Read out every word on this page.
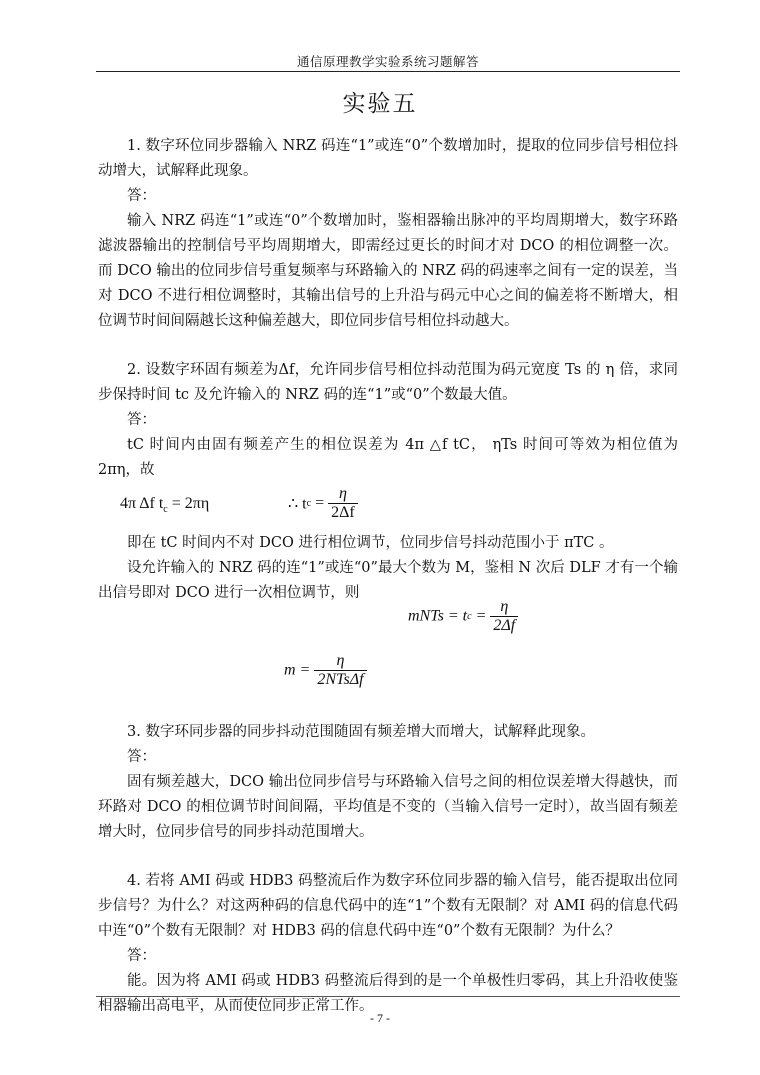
通信原理教学实验系统习题解答
实验五

1. 数字环位同步器输入 NRZ 码连“1”或连“0”个数增加时，提取的位同步信号相位抖动增大，试解释此现象。

答：

输入 NRZ 码连“1”或连“0”个数增加时，鉴相器输出脉冲的平均周期增大，数字环路滤波器输出的控制信号平均周期增大，即需经过更长的时间才对 DCO 的相位调整一次。而 DCO 输出的位同步信号重复频率与环路输入的 NRZ 码的码速率之间有一定的误差，当对 DCO 不进行相位调整时，其输出信号的上升沿与码元中心之间的偏差将不断增大，相位调节时间间隔越长这种偏差越大，即位同步信号相位抖动越大。

2. 设数字环固有频差为Δf，允许同步信号相位抖动范围为码元宽度 Ts 的 η 倍，求同步保持时间 tc 及允许输入的 NRZ 码的连“1”或“0”个数最大值。

答：

tC 时间内由固有频差产生的相位误差为 4π △f tC， ηTs 时间可等效为相位值为 2πη，故

4π Δf $t_c = 2\pi\eta$	∴ tc = $\frac{\eta}{2\Delta f}$

即在 tC 时间内不对 DCO 进行相位调节，位同步信号抖动范围小于 πTC 。

设允许输入的 NRZ 码的连“1”或连“0”最大个数为 M，鉴相 N 次后 DLF 才有一个输出信号即对 DCO 进行一次相位调节，则

mNTs = tc = $\frac{\eta}{2\Delta f}$
$m = \frac{\eta}{\text{2NTsΔf}}$

3. 数字环同步器的同步抖动范围随固有频差增大而增大，试解释此现象。

答：

固有频差越大，DCO 输出位同步信号与环路输入信号之间的相位误差增大得越快，而环路对 DCO 的相位调节时间间隔，平均值是不变的（当输入信号一定时），故当固有频差增大时，位同步信号的同步抖动范围增大。

4. 若将 AMI 码或 HDB3 码整流后作为数字环位同步器的输入信号，能否提取出位同步信号？为什么？对这两种码的信息代码中的连“1”个数有无限制？对 AMI 码的信息代码中连“0”个数有无限制？对 HDB3 码的信息代码中连“0”个数有无限制？为什么？

答：

能。因为将 AMI 码或 HDB3 码整流后得到的是一个单极性归零码，其上升沿收使鉴相器输出高电平，从而使位同步正常工作。

- 7 -
